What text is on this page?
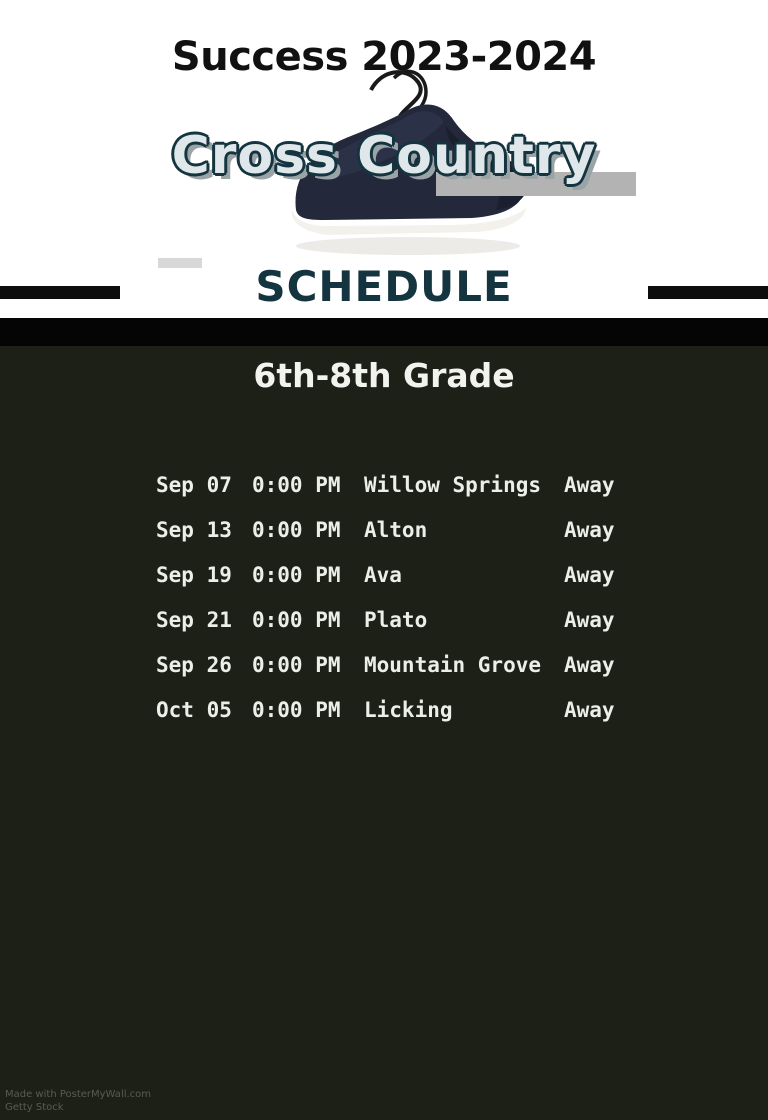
Success 2023-2024
Cross Country
SCHEDULE
6th-8th Grade
Sep 07	0:00 PM	Willow Springs	Away
Sep 13	0:00 PM	Alton	Away
Sep 19	0:00 PM	Ava	Away
Sep 21	0:00 PM	Plato	Away
Sep 26	0:00 PM	Mountain Grove	Away
Oct 05	0:00 PM	Licking	Away
Made with PosterMyWall.com
Getty Stock
